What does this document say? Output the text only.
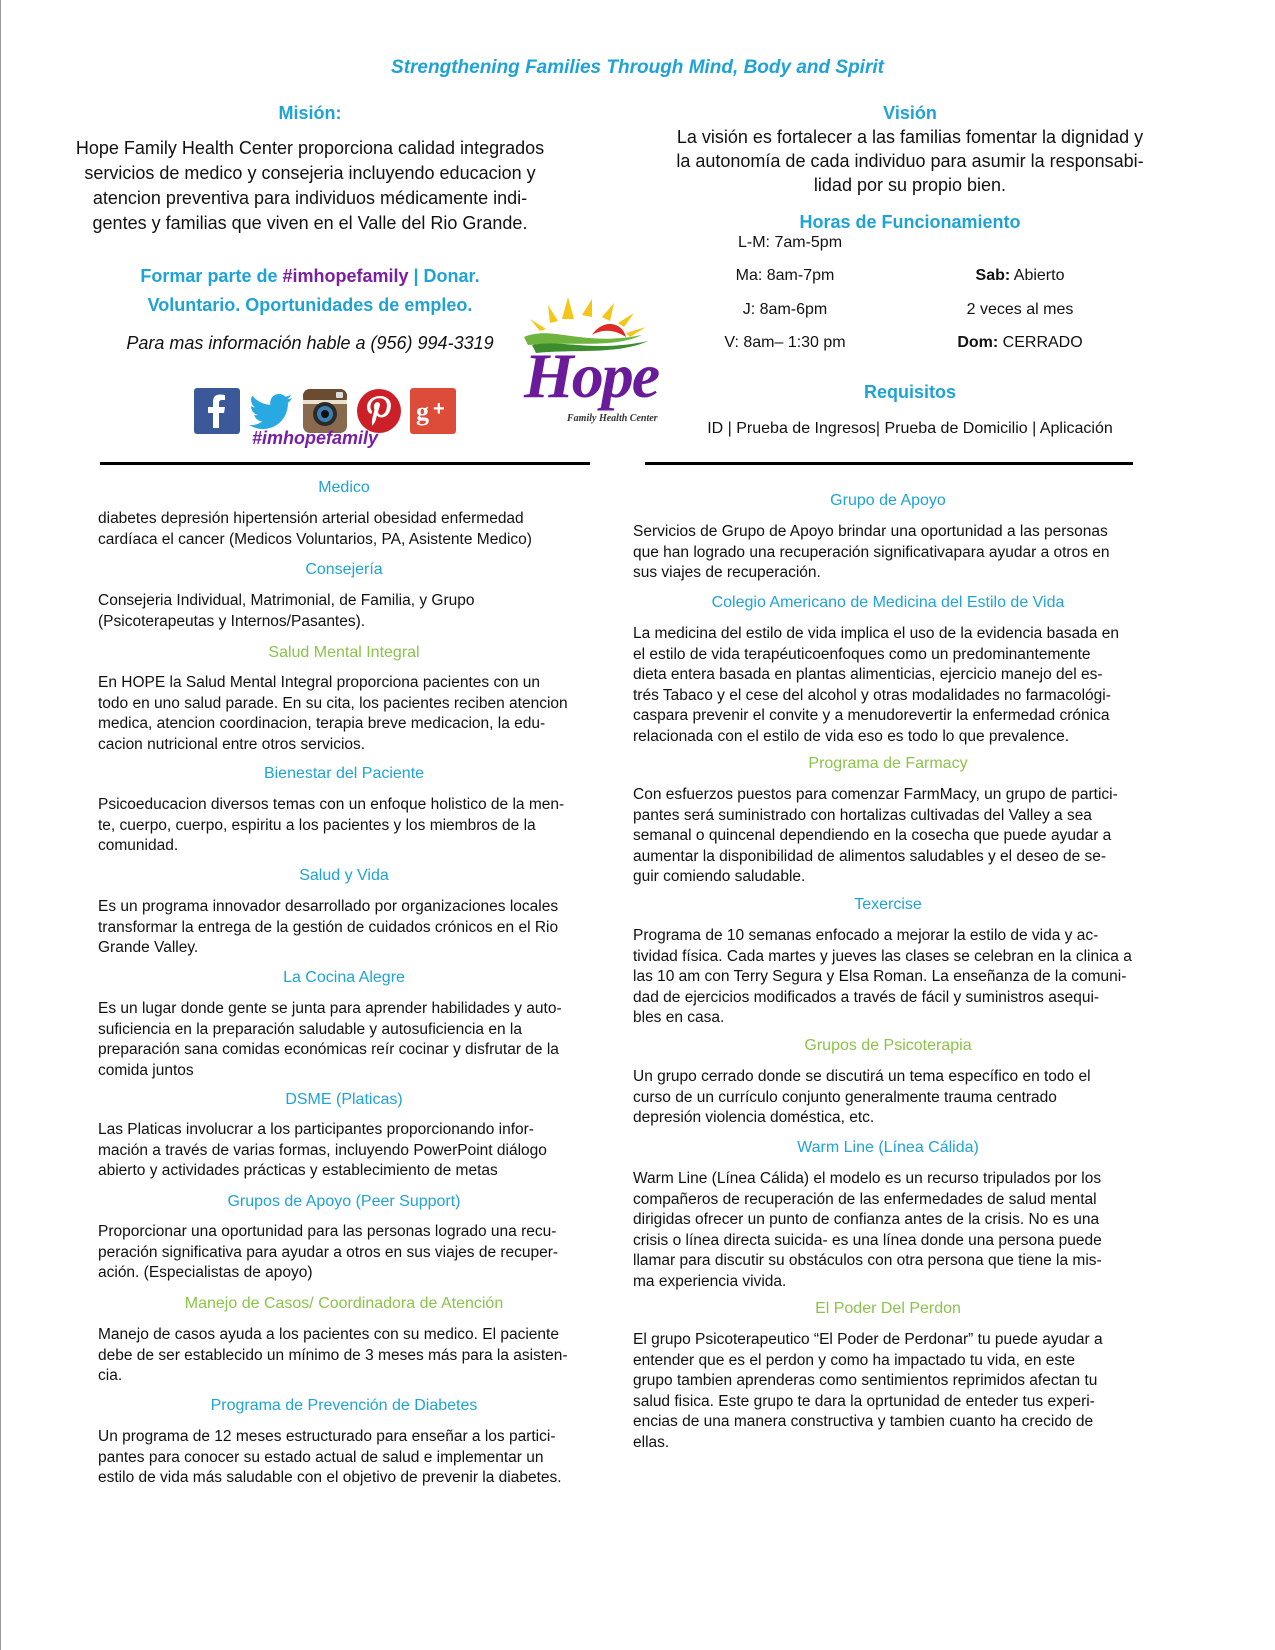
Strengthening Families Through Mind, Body and Spirit
Misión:
Hope Family Health Center proporciona calidad integrados
servicios de medico y consejeria incluyendo educacion y
atencion preventiva para individuos médicamente indi-
gentes y familias que viven en el Valle del Rio Grande.
Formar parte de #imhopefamily | Donar.
Voluntario. Oportunidades de empleo.
Para mas información hable a (956) 994-3319
g +
#imhopefamily
Hope
Family Health Center
Visión
La visión es fortalecer a las familias fomentar la dignidad y
la autonomía de cada individuo para asumir la responsabi-
lidad por su propio bien.
Horas de Funcionamiento
L-M: 7am-5pm
Ma: 8am-7pm	Sab: Abierto
J: 8am-6pm	2 veces al mes
V: 8am– 1:30 pm	Dom: CERRADO
Requisitos
ID | Prueba de Ingresos| Prueba de Domicilio | Aplicación
Medico
diabetes depresión hipertensión arterial obesidad enfermedad
cardíaca el cancer (Medicos Voluntarios, PA, Asistente Medico)
Consejería
Consejeria Individual, Matrimonial, de Familia, y Grupo
(Psicoterapeutas y Internos/Pasantes).
Salud Mental Integral
En HOPE la Salud Mental Integral proporciona pacientes con un
todo en uno salud parade. En su cita, los pacientes reciben atencion
medica, atencion coordinacion, terapia breve medicacion, la edu-
cacion nutricional entre otros servicios.
Bienestar del Paciente
Psicoeducacion diversos temas con un enfoque holistico de la men-
te, cuerpo, cuerpo, espiritu a los pacientes y los miembros de la
comunidad.
Salud y Vida
Es un programa innovador desarrollado por organizaciones locales
transformar la entrega de la gestión de cuidados crónicos en el Rio
Grande Valley.
La Cocina Alegre
Es un lugar donde gente se junta para aprender habilidades y auto-
suficiencia en la preparación saludable y autosuficiencia en la
preparación sana comidas económicas reír cocinar y disfrutar de la
comida juntos
DSME (Platicas)
Las Platicas involucrar a los participantes proporcionando infor-
mación a través de varias formas, incluyendo PowerPoint diálogo
abierto y actividades prácticas y establecimiento de metas
Grupos de Apoyo (Peer Support)
Proporcionar una oportunidad para las personas logrado una recu-
peración significativa para ayudar a otros en sus viajes de recuper-
ación. (Especialistas de apoyo)
Manejo de Casos/ Coordinadora de Atención
Manejo de casos ayuda a los pacientes con su medico. El paciente
debe de ser establecido un mínimo de 3 meses más para la asisten-
cia.
Programa de Prevención de Diabetes
Un programa de 12 meses estructurado para enseñar a los partici-
pantes para conocer su estado actual de salud e implementar un
estilo de vida más saludable con el objetivo de prevenir la diabetes.
Grupo de Apoyo
Servicios de Grupo de Apoyo brindar una oportunidad a las personas
que han logrado una recuperación significativapara ayudar a otros en
sus viajes de recuperación.
Colegio Americano de Medicina del Estilo de Vida
La medicina del estilo de vida implica el uso de la evidencia basada en
el estilo de vida terapéuticoenfoques como un predominantemente
dieta entera basada en plantas alimenticias, ejercicio manejo del es-
trés Tabaco y el cese del alcohol y otras modalidades no farmacológi-
caspara prevenir el convite y a menudorevertir la enfermedad crónica
relacionada con el estilo de vida eso es todo lo que prevalence.
Programa de Farmacy
Con esfuerzos puestos para comenzar FarmMacy, un grupo de partici-
pantes será suministrado con hortalizas cultivadas del Valley a sea
semanal o quincenal dependiendo en la cosecha que puede ayudar a
aumentar la disponibilidad de alimentos saludables y el deseo de se-
guir comiendo saludable.
Texercise
Programa de 10 semanas enfocado a mejorar la estilo de vida y ac-
tividad física. Cada martes y jueves las clases se celebran en la clinica a
las 10 am con Terry Segura y Elsa Roman. La enseñanza de la comuni-
dad de ejercicios modificados a través de fácil y suministros asequi-
bles en casa.
Grupos de Psicoterapia
Un grupo cerrado donde se discutirá un tema específico en todo el
curso de un currículo conjunto generalmente trauma centrado
depresión violencia doméstica, etc.
Warm Line (Línea Cálida)
Warm Line (Línea Cálida) el modelo es un recurso tripulados por los
compañeros de recuperación de las enfermedades de salud mental
dirigidas ofrecer un punto de confianza antes de la crisis. No es una
crisis o línea directa suicida- es una línea donde una persona puede
llamar para discutir su obstáculos con otra persona que tiene la mis-
ma experiencia vivida.
El Poder Del Perdon
El grupo Psicoterapeutico “El Poder de Perdonar” tu puede ayudar a
entender que es el perdon y como ha impactado tu vida, en este
grupo tambien aprenderas como sentimientos reprimidos afectan tu
salud fisica. Este grupo te dara la oprtunidad de enteder tus experi-
encias de una manera constructiva y tambien cuanto ha crecido de
ellas.
